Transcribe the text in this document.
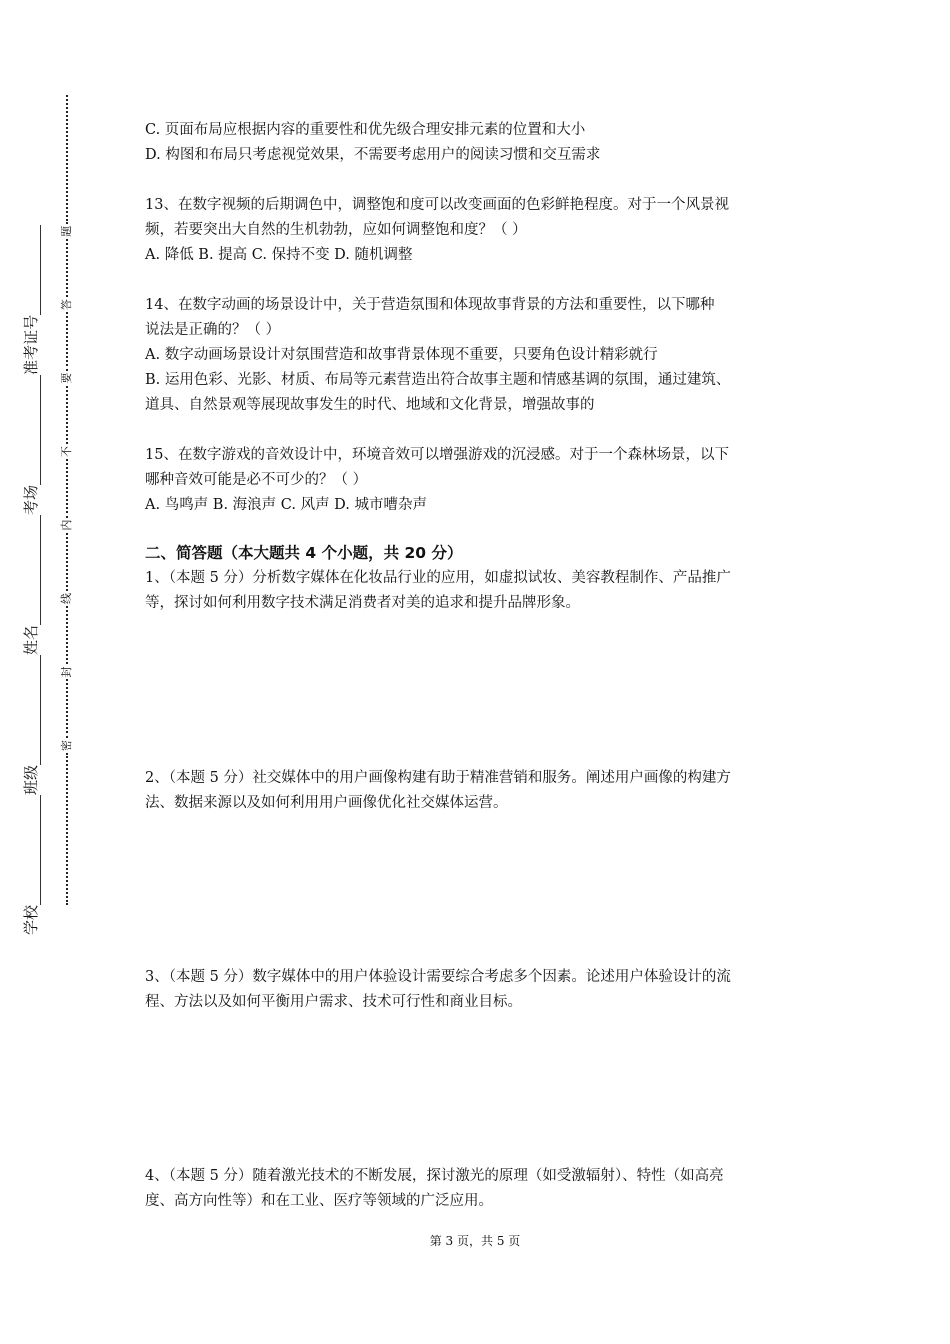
学校
班级
姓名
考场
准考证号
密
封
线
内
不
要
答
题
C. 页面布局应根据内容的重要性和优先级合理安排元素的位置和大小
D. 构图和布局只考虑视觉效果，不需要考虑用户的阅读习惯和交互需求
13、在数字视频的后期调色中，调整饱和度可以改变画面的色彩鲜艳程度。对于一个风景视
频，若要突出大自然的生机勃勃，应如何调整饱和度？（ ）
A. 降低 B. 提高 C. 保持不变 D. 随机调整
14、在数字动画的场景设计中，关于营造氛围和体现故事背景的方法和重要性，以下哪种
说法是正确的？（ ）
A. 数字动画场景设计对氛围营造和故事背景体现不重要，只要角色设计精彩就行
B. 运用色彩、光影、材质、布局等元素营造出符合故事主题和情感基调的氛围，通过建筑、
道具、自然景观等展现故事发生的时代、地域和文化背景，增强故事的
15、在数字游戏的音效设计中，环境音效可以增强游戏的沉浸感。对于一个森林场景，以下
哪种音效可能是必不可少的？（ ）
A. 鸟鸣声 B. 海浪声 C. 风声 D. 城市嘈杂声
二、简答题（本大题共 4 个小题，共 20 分）
1、（本题 5 分）分析数字媒体在化妆品行业的应用，如虚拟试妆、美容教程制作、产品推广
等，探讨如何利用数字技术满足消费者对美的追求和提升品牌形象。
2、（本题 5 分）社交媒体中的用户画像构建有助于精准营销和服务。阐述用户画像的构建方
法、数据来源以及如何利用用户画像优化社交媒体运营。
3、（本题 5 分）数字媒体中的用户体验设计需要综合考虑多个因素。论述用户体验设计的流
程、方法以及如何平衡用户需求、技术可行性和商业目标。
4、（本题 5 分）随着激光技术的不断发展，探讨激光的原理（如受激辐射）、特性（如高亮
度、高方向性等）和在工业、医疗等领域的广泛应用。
第 3 页，共 5 页
